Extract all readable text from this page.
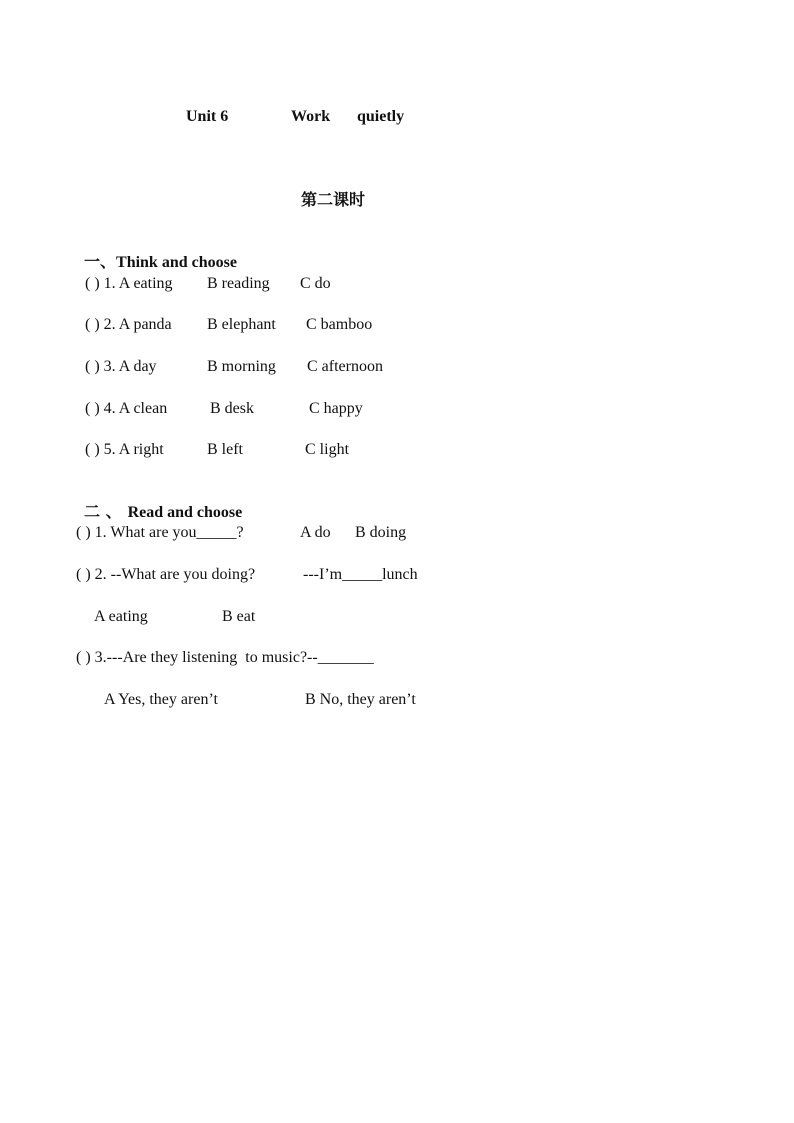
Unit 6	Work quietly
第二课时

一、Think and choose

( ) 1. A eating B reading C do
( ) 2. A panda B elephant C bamboo
( ) 3. A day	B morning C afternoon
( ) 4. A clean	B desk	C happy
( ) 5. A right	B left	C light

二 、 Read and choose

( ) 1. What are you_____?	A do B doing
( ) 2. --What are you doing?	---I’m_____lunch
A eating	B eat
( ) 3.---Are they listening  to music?--_______
A Yes, they aren’t	B No, they aren’t
